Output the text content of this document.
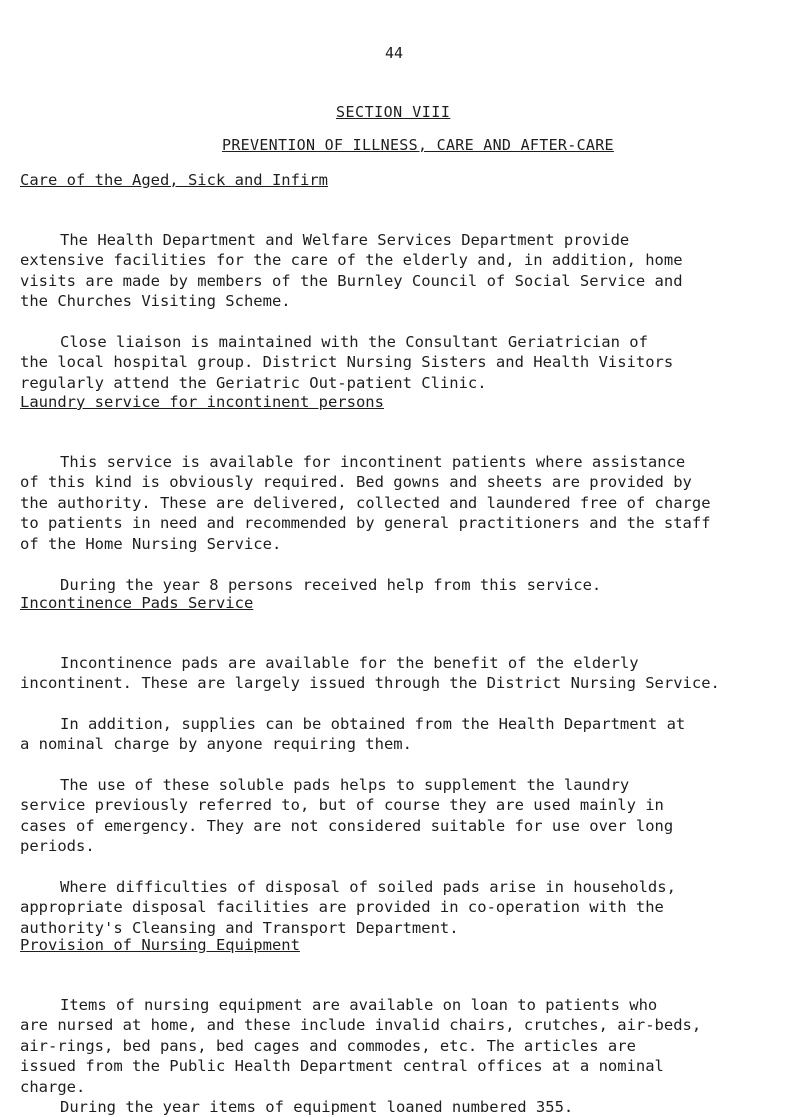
44
SECTION VIII
PREVENTION OF ILLNESS, CARE AND AFTER-CARE
Care of the Aged, Sick and Infirm

The Health Department and Welfare Services Department provide
extensive facilities for the care of the elderly and, in addition, home
visits are made by members of the Burnley Council of Social Service and
the Churches Visiting Scheme.

Close liaison is maintained with the Consultant Geriatrician of
the local hospital group. District Nursing Sisters and Health Visitors
regularly attend the Geriatric Out-patient Clinic.

Laundry service for incontinent persons

This service is available for incontinent patients where assistance
of this kind is obviously required. Bed gowns and sheets are provided by
the authority. These are delivered, collected and laundered free of charge
to patients in need and recommended by general practitioners and the staff
of the Home Nursing Service.

During the year 8 persons received help from this service.

Incontinence Pads Service

Incontinence pads are available for the benefit of the elderly
incontinent. These are largely issued through the District Nursing Service.

In addition, supplies can be obtained from the Health Department at
a nominal charge by anyone requiring them.

The use of these soluble pads helps to supplement the laundry
service previously referred to, but of course they are used mainly in
cases of emergency. They are not considered suitable for use over long
periods.

Where difficulties of disposal of soiled pads arise in households,
appropriate disposal facilities are provided in co-operation with the
authority's Cleansing and Transport Department.

Provision of Nursing Equipment

Items of nursing equipment are available on loan to patients who
are nursed at home, and these include invalid chairs, crutches, air-beds,
air-rings, bed pans, bed cages and commodes, etc. The articles are
issued from the Public Health Department central offices at a nominal
charge.

During the year items of equipment loaned numbered 355.
